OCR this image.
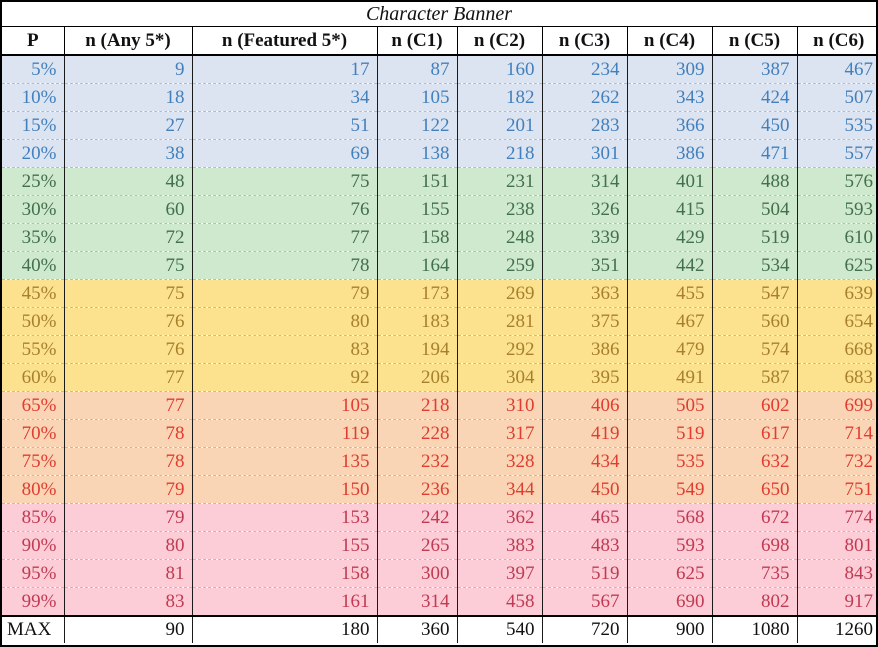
Character Banner
P	n (Any 5*)	n (Featured 5*)	n (C1)	n (C2)	n (C3)	n (C4)	n (C5)	n (C6)
5%	9	17	87	160	234	309	387	467
10%	18	34	105	182	262	343	424	507
15%	27	51	122	201	283	366	450	535
20%	38	69	138	218	301	386	471	557
25%	48	75	151	231	314	401	488	576
30%	60	76	155	238	326	415	504	593
35%	72	77	158	248	339	429	519	610
40%	75	78	164	259	351	442	534	625
45%	75	79	173	269	363	455	547	639
50%	76	80	183	281	375	467	560	654
55%	76	83	194	292	386	479	574	668
60%	77	92	206	304	395	491	587	683
65%	77	105	218	310	406	505	602	699
70%	78	119	228	317	419	519	617	714
75%	78	135	232	328	434	535	632	732
80%	79	150	236	344	450	549	650	751
85%	79	153	242	362	465	568	672	774
90%	80	155	265	383	483	593	698	801
95%	81	158	300	397	519	625	735	843
99%	83	161	314	458	567	690	802	917
MAX	90	180	360	540	720	900	1080	1260
